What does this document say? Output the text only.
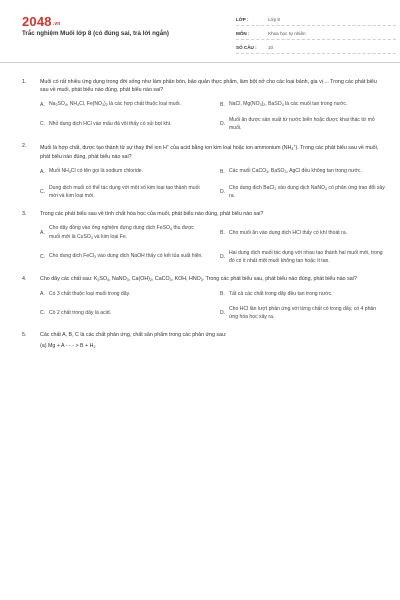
$2048^{.vn}$
Trắc nghiệm Muối lớp 8 (có đúng sai, trả lời ngắn)
LỚP :	Lớp 8
MÔN :	Khoa học tự nhiên
SỐ CÂU :	10
1.	Muối có rất nhiều ứng dụng trong đời sống như làm phân bón, bảo quản thực phẩm, làm bột nở cho các loại bánh, gia vị ... Trong các phát biểu sau về muối, phát biểu nào đúng, phát biểu nào sai?
A. $Na_2SO_4$, $NH_4Cl$, $Fe(NO_3)_2$ là các hợp chất thuộc loại muối.	B. NaCl, $Mg(NO_3)_2$, BaSO$_4$ là các muối tan trong nước.
C. Nhỏ dung dịch HCl vào mẩu đá vôi thấy có sủi bọt khí.	D.
Muối ăn được sản xuất từ nước biển hoặc được khai thác từ mỏ muối.
2.	Muối là hợp chất, được tạo thành từ sự thay thế ion H+ của acid bằng ion kim loại hoặc ion ammonium $(NH_4^+)$. Trong các phát biểu sau về muối, phát biểu nào đúng, phát biểu nào sai?
A. Muối $NH_4Cl$ có tên gọi là sodium chloride.	B. Các muối CaCO$_3$, BaSO$_3$, AgCl đều không tan trong nước.
C.
Dung dịch muối có thể tác dụng với một số kim loại tạo thành muối mới và kim loại mới.
D.
Cho dung dịch BaCl$_2$ vào dung dịch NaNO$_3$ có phản ứng trao đổi xảy ra.
3.	Trong các phát biểu sau về tính chất hóa học của muối, phát biểu nào đúng, phát biểu nào sai?
A.
Cho dây đồng vào ống nghiệm đựng dung dịch FeSO$_4$ thu được muối mới là CuSO$_4$ và kim loại Fe.
B. Cho muối ăn vào dung dịch HCl thấy có khí thoát ra.
C. Cho dung dịch FeCl$_3$ vào dung dịch NaOH thấy có kết tủa xuất hiện.	D.
Hai dung dịch muối tác dụng với nhau tạo thành hai muối mới, trong đó có ít nhất một muối không tan hoặc ít tan.
4.	Cho dãy các chất sau: $K_2SO_4$, NaNO$_3$, $Ca(OH)_2$, CaCO$_3$, KOH, $HNO_3$. Trong các phát biểu sau, phát biểu nào đúng, phát biểu nào sai?
A. Có 3 chất thuộc loại muối trong dãy.	B. Tất cả các chất trong dãy đều tan trong nước.
C. Có 2 chất trong dãy là acid.	D.
Cho HCl lần lượt phản ứng với từng chất có trong dãy, có 4 phản ứng hóa học xảy ra.
5.	Các chất A, B, C là các chất phản ứng, chất sản phẩm trong các phản ứng sau:
(a) Mg + A - - - > $B + H_2$
